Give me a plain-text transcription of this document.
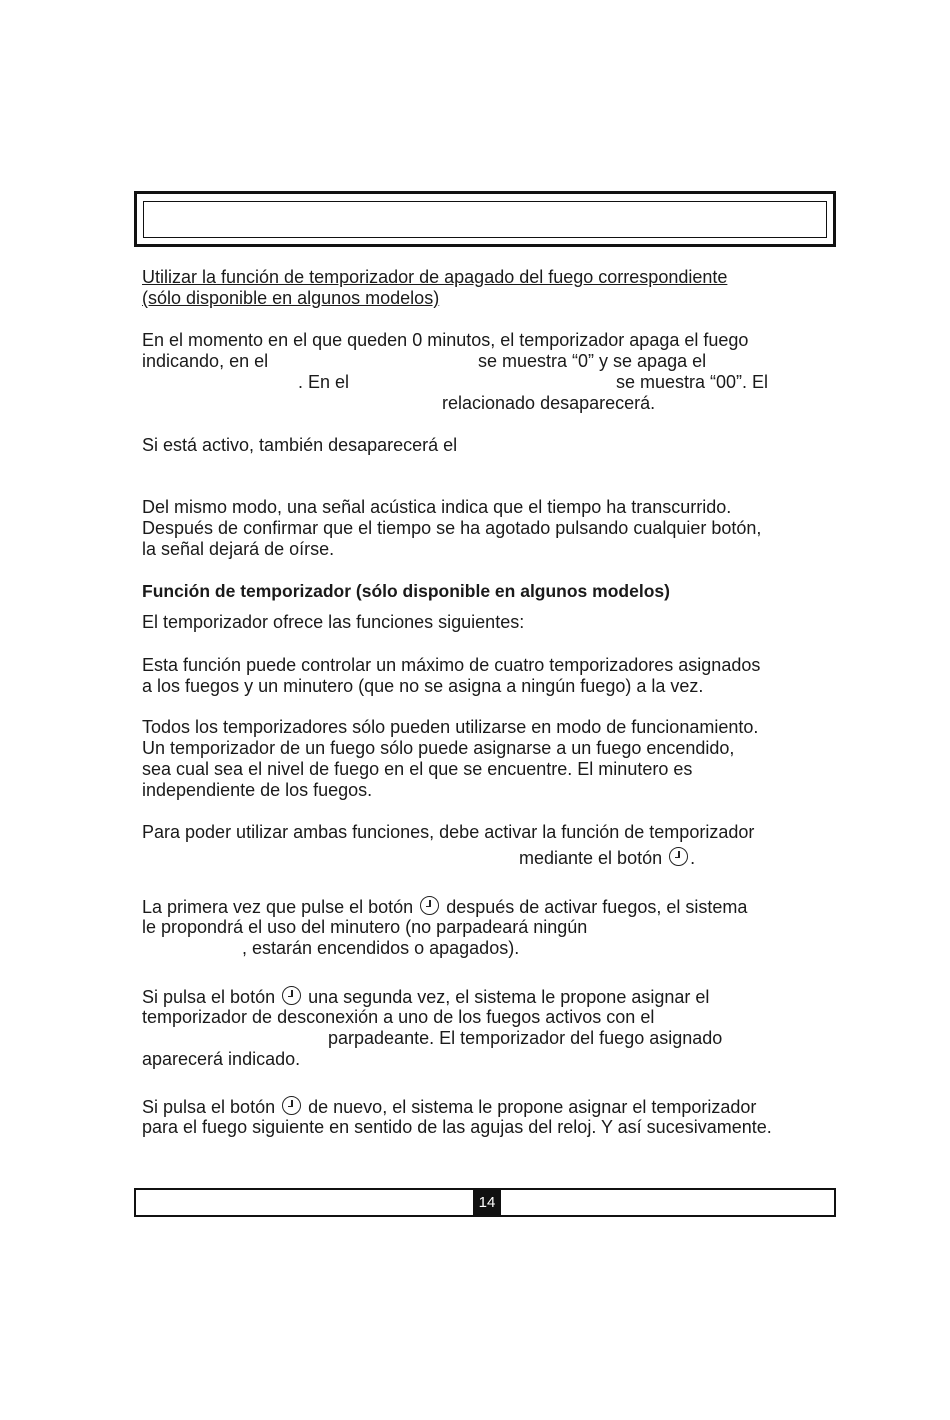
Utilizar la función de temporizador de apagado del fuego correspondiente
(sólo disponible en algunos modelos)
En el momento en el que queden 0 minutos, el temporizador apaga el fuego
indicando, en el	se muestra “0” y se apaga el
. En el	se muestra “00”. El
relacionado desaparecerá.
Si está activo, también desaparecerá el
Del mismo modo, una señal acústica indica que el tiempo ha transcurrido.
Después de confirmar que el tiempo se ha agotado pulsando cualquier botón,
la señal dejará de oírse.
Función de temporizador (sólo disponible en algunos modelos)
El temporizador ofrece las funciones siguientes:
Esta función puede controlar un máximo de cuatro temporizadores asignados
a los fuegos y un minutero (que no se asigna a ningún fuego) a la vez.
Todos los temporizadores sólo pueden utilizarse en modo de funcionamiento.
Un temporizador de un fuego sólo puede asignarse a un fuego encendido,
sea cual sea el nivel de fuego en el que se encuentre. El minutero es
independiente de los fuegos.
Para poder utilizar ambas funciones, debe activar la función de temporizador
mediante el botón .
La primera vez que pulse el botón después de activar fuegos, el sistema
le propondrá el uso del minutero (no parpadeará ningún
, estarán encendidos o apagados).
Si pulsa el botón una segunda vez, el sistema le propone asignar el
temporizador de desconexión a uno de los fuegos activos con el
parpadeante. El temporizador del fuego asignado
aparecerá indicado.
Si pulsa el botón de nuevo, el sistema le propone asignar el temporizador
para el fuego siguiente en sentido de las agujas del reloj. Y así sucesivamente.
14
